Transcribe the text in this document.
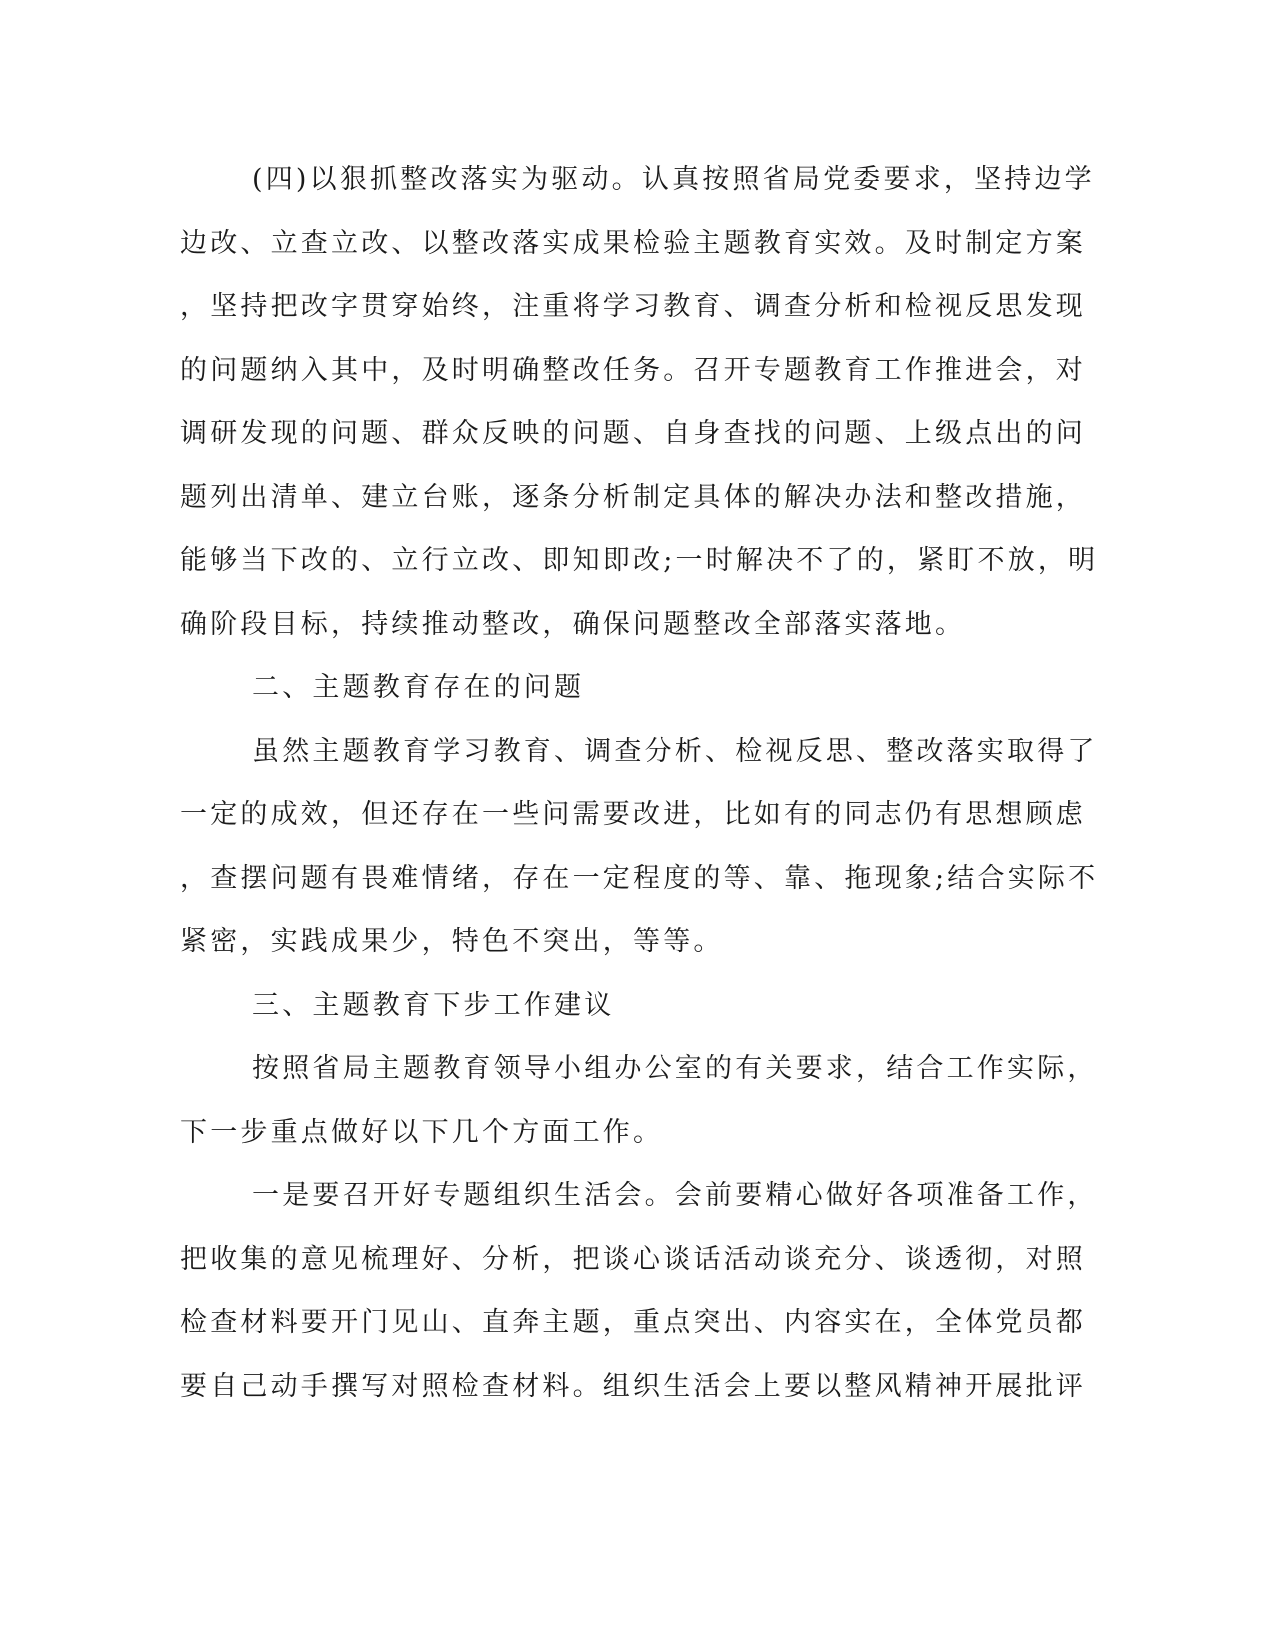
(四)以狠抓整改落实为驱动。认真按照省局党委要求，坚持边学
边改、立查立改、以整改落实成果检验主题教育实效。及时制定方案
，坚持把改字贯穿始终，注重将学习教育、调查分析和检视反思发现
的问题纳入其中，及时明确整改任务。召开专题教育工作推进会，对
调研发现的问题、群众反映的问题、自身查找的问题、上级点出的问
题列出清单、建立台账，逐条分析制定具体的解决办法和整改措施，
能够当下改的、立行立改、即知即改;一时解决不了的，紧盯不放，明
确阶段目标，持续推动整改，确保问题整改全部落实落地。
二、主题教育存在的问题
虽然主题教育学习教育、调查分析、检视反思、整改落实取得了
一定的成效，但还存在一些问需要改进，比如有的同志仍有思想顾虑
，查摆问题有畏难情绪，存在一定程度的等、靠、拖现象;结合实际不
紧密，实践成果少，特色不突出，等等。
三、主题教育下步工作建议
按照省局主题教育领导小组办公室的有关要求，结合工作实际，
下一步重点做好以下几个方面工作。
一是要召开好专题组织生活会。会前要精心做好各项准备工作，
把收集的意见梳理好、分析，把谈心谈话活动谈充分、谈透彻，对照
检查材料要开门见山、直奔主题，重点突出、内容实在，全体党员都
要自己动手撰写对照检查材料。组织生活会上要以整风精神开展批评
